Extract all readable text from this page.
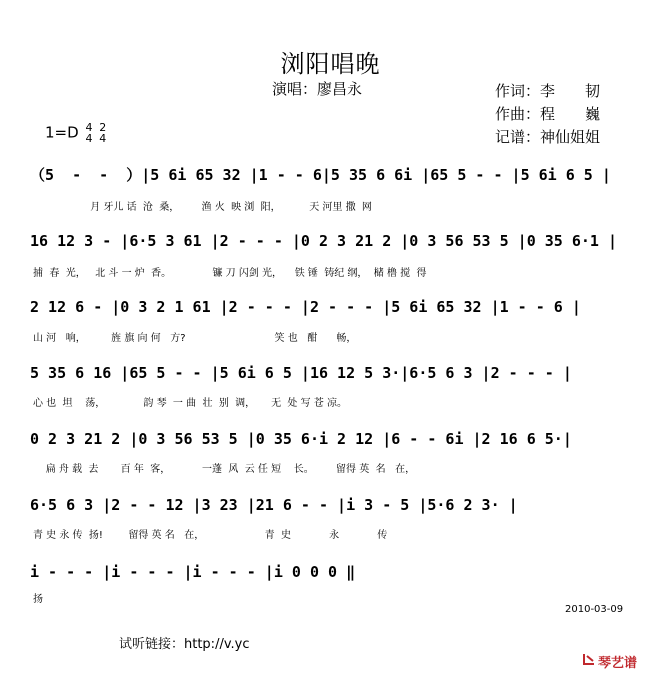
浏阳唱晚
演唱：廖昌永	作词：李　　韧
作曲：程　　巍
记谱：神仙姐姐
1=D 4
4

2
4
（5  -  -  ）|5 6i 65 32 |1 - - 6|5 35 6 6i |65 5 - - |5 6i 6 5 |
月 牙儿 话  沧  桑，       渔 火  映 浏  阳，         天 河里 撒  网
16 12 3 - |6·5 3 61 |2 - - - |0 2 3 21 2 |0 3 56 53 5 |0 35 6·1 |
捕  春  光，   北 斗 一 炉  香。             镰 刀 闪剑 光，    铁 锤  铸纪 纲，  槠 橹 搅  得
2 12 6 - |0 3 2 1 61 |2 - - - |2 - - - |5 6i 65 32 |1 - - 6 |
山 河   响，        旌 旗 向 何   方?                            笑 也   酣      畅，
5 35 6 16 |65 5 - - |5 6i 6 5 |16 12 5 3·|6·5 6 3 |2 - - - |
心 也  坦    荡，            韵 琴  一 曲  壮  别  调，     无  处 写 苍 凉。
0 2 3 21 2 |0 3 56 53 5 |0 35 6·i 2 12 |6 - - 6i |2 16 6 5·|
扁 舟 载  去       百 年  客，          一蓬  风  云 任 短    长。       留得 英  名   在，
6·5 6 3 |2 - - 12 |3 23 |21 6 - - |i 3 - 5 |5·6 2 3· |
青 史 永 传  扬!        留得 英 名   在，                   青  史            永            传
i - - - |i - - - |i - - - |i 0 0 0 ‖
扬
2010-03-09
试听链接：http://v.yc
琴艺谱
